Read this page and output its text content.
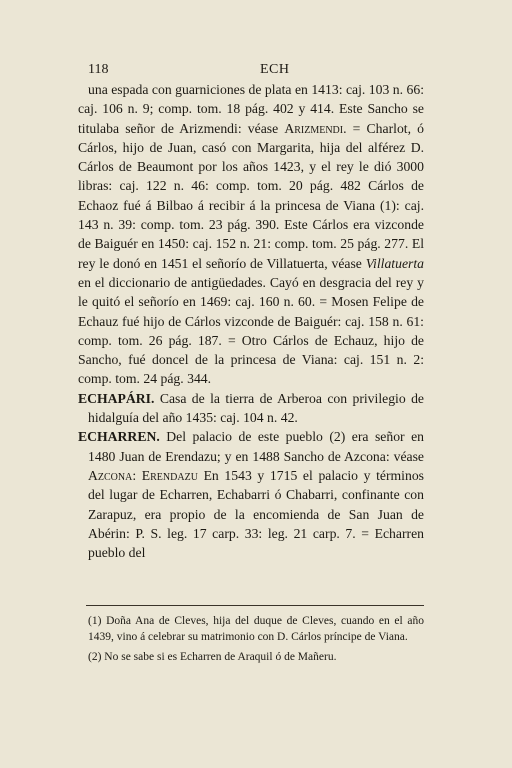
118	ECH

una espada con guarniciones de plata en 1413: caj. 103 n. 66: caj. 106 n. 9; comp. tom. 18 pág. 402 y 414. Este Sancho se titulaba señor de Arizmendi: véase Arizmendi. = Charlot, ó Cárlos, hijo de Juan, casó con Margarita, hija del alférez D. Cárlos de Beaumont por los años 1423, y el rey le dió 3000 libras: caj. 122 n. 46: comp. tom. 20 pág. 482 Cárlos de Echaoz fué á Bilbao á recibir á la princesa de Viana (1): caj. 143 n. 39: comp. tom. 23 pág. 390. Este Cárlos era vizconde de Baiguér en 1450: caj. 152 n. 21: comp. tom. 25 pág. 277. El rey le donó en 1451 el señorío de Villatuerta, véase Villatuerta en el diccionario de antigüedades. Cayó en desgracia del rey y le quitó el señorío en 1469: caj. 160 n. 60. = Mosen Felipe de Echauz fué hijo de Cárlos vizconde de Baiguér: caj. 158 n. 61: comp. tom. 26 pág. 187. = Otro Cárlos de Echauz, hijo de Sancho, fué doncel de la princesa de Viana: caj. 151 n. 2: comp. tom. 24 pág. 344.

ECHAPÁRI. Casa de la tierra de Arberoa con privilegio de hidalguía del año 1435: caj. 104 n. 42.

ECHARREN. Del palacio de este pueblo (2) era señor en 1480 Juan de Erendazu; y en 1488 Sancho de Azcona: véase Azcona: Erendazu En 1543 y 1715 el palacio y términos del lugar de Echarren, Echabarri ó Chabarri, confinante con Zarapuz, era propio de la encomienda de San Juan de Abérin: P. S. leg. 17 carp. 33: leg. 21 carp. 7. = Echarren pueblo del

(1) Doña Ana de Cleves, hija del duque de Cleves, cuando en el año 1439, vino á celebrar su matrimonio con D. Cárlos príncipe de Viana.

(2) No se sabe si es Echarren de Araquil ó de Mañeru.
